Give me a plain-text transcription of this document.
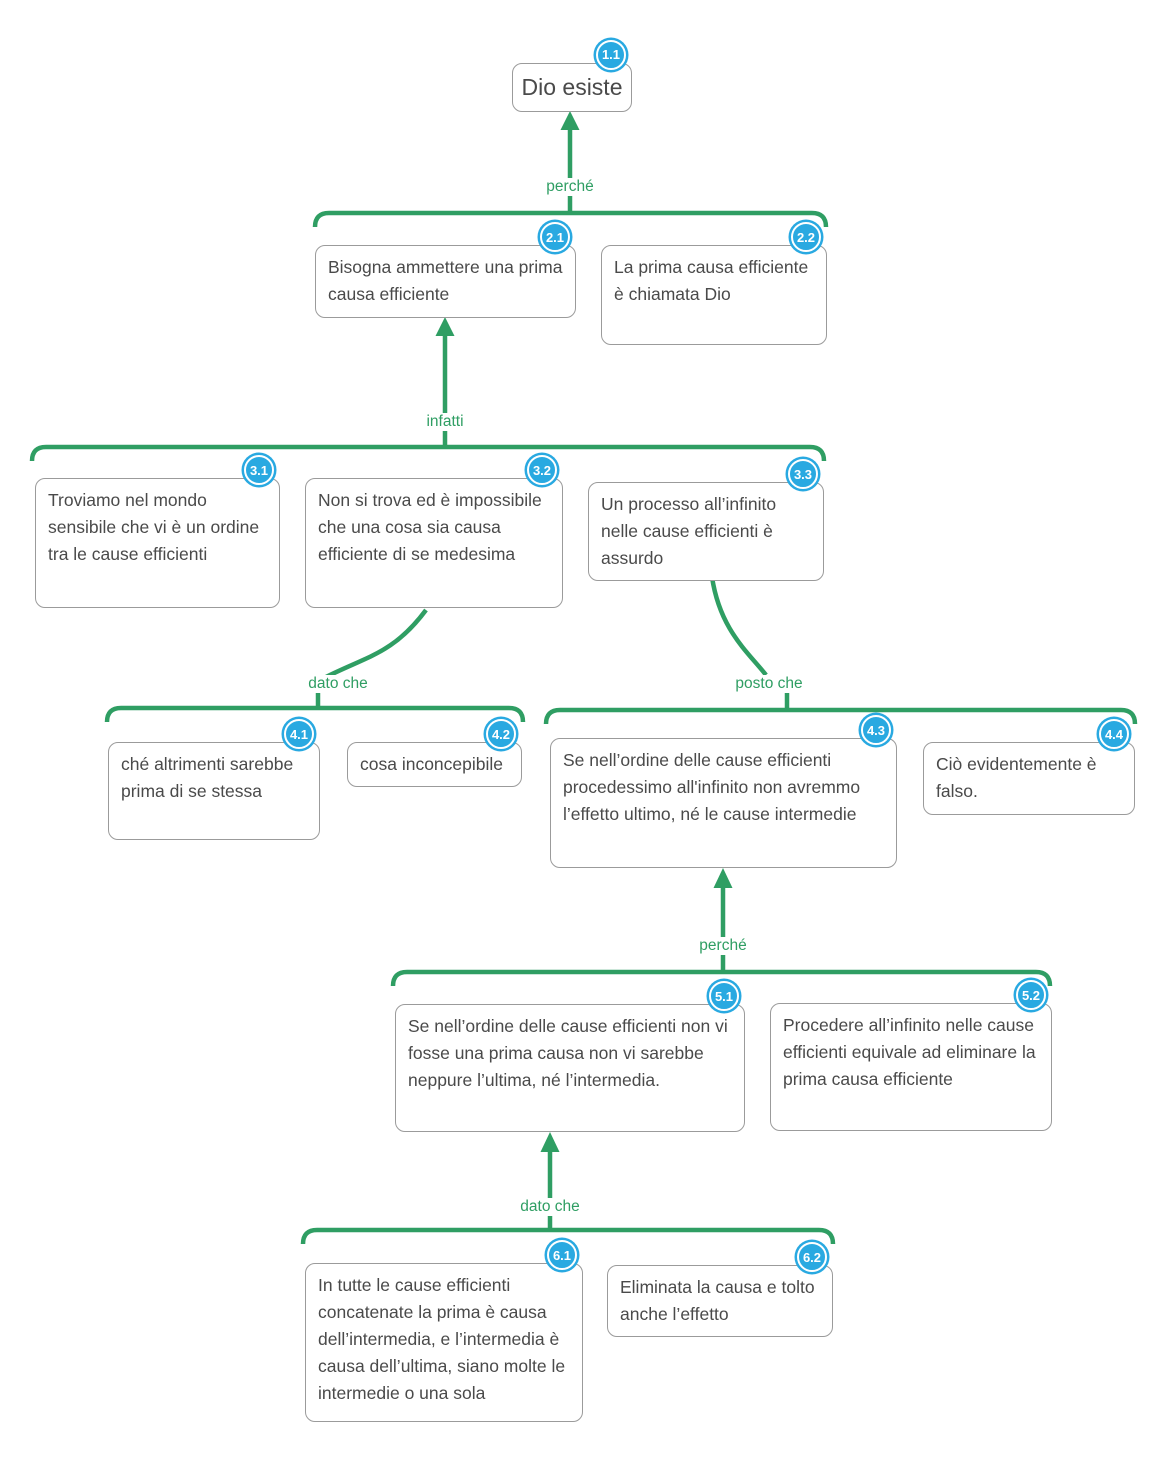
perché
infatti
dato che	posto che
perché
dato che
1.1
Dio esiste
2.1
Bisogna ammettere una prima causa efficiente
2.2
La prima causa efficiente è chiamata Dio
3.1
Troviamo nel mondo sensibile che vi è un ordine tra le cause efficienti
3.2
Non si trova ed è impossibile che una cosa sia causa efficiente di se medesima
3.3
Un processo all’infinito nelle cause efficienti è assurdo
4.1
ché altrimenti sarebbe prima di se stessa
4.2
cosa inconcepibile
4.3
Se nell’ordine delle cause efficienti procedessimo all'infinito non avremmo l’effetto ultimo, né le cause intermedie
4.4
Ciò evidentemente è falso.
5.1
Se nell’ordine delle cause efficienti non vi fosse una prima causa non vi sarebbe neppure l’ultima, né l’intermedia.
5.2
Procedere all’infinito nelle cause efficienti equivale ad eliminare la prima causa efficiente
6.1
In tutte le cause efficienti concatenate la prima è causa dell’intermedia, e l’intermedia è causa dell’ultima, siano molte le intermedie o una sola
6.2
Eliminata la causa e tolto anche l’effetto
